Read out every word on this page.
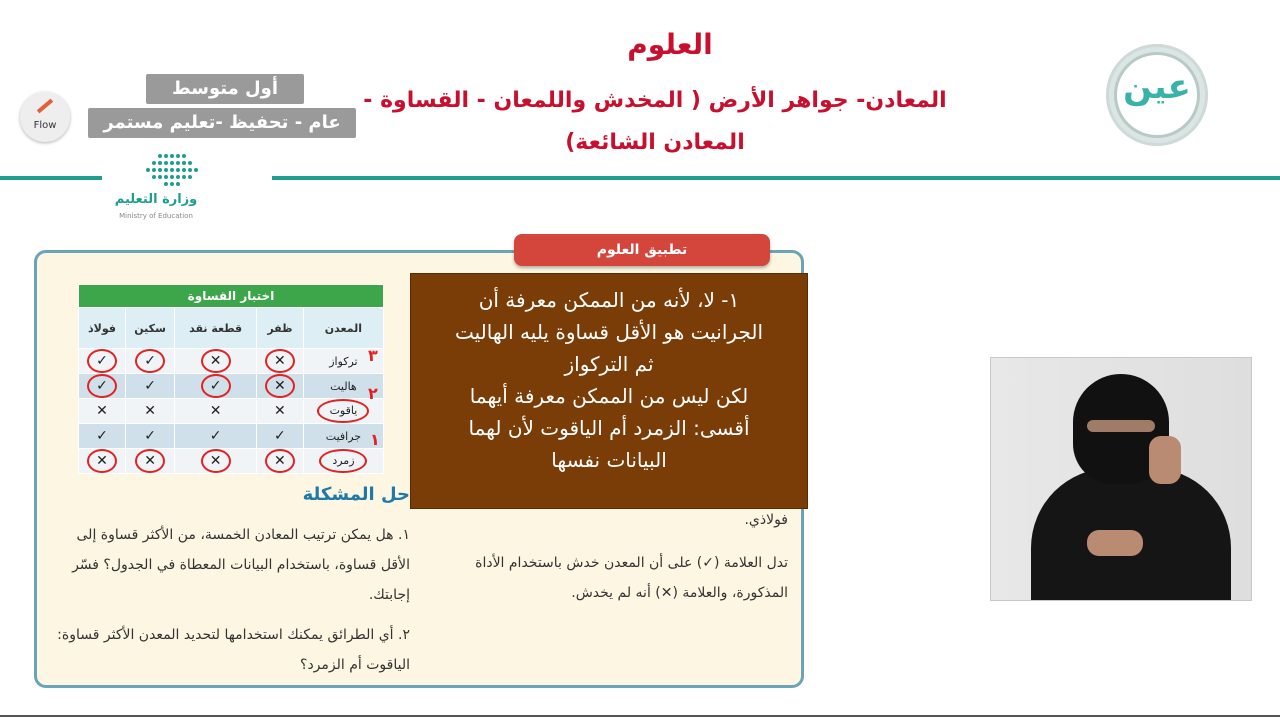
العلوم
المعادن- جواهر الأرض ( المخدش واللمعان - القساوة -
المعادن الشائعة)
أول متوسط
عام - تحفيظ -تعليم مستمر
Flow
عين
وزارة التعليم
Ministry of Education
تطبيق العلوم
اختبار القساوة				
المعدن	ظفر	قطعة نقد	سكين	فولاذ
تركواز	✕	✕	✓	✓
هاليت	✕	✓	✓	✓
ياقوت	✕	✕	✕	✕
جرافيت	✓	✓	✓	✓
زمرد	✕	✕	✕	✕
٣
٢
١
حل المشكلة
١. هل يمكن ترتيب المعادن الخمسة، من الأكثر قساوة إلى الأقل قساوة، باستخدام البيانات المعطاة في الجدول؟ فسّر إجابتك.
٢. أي الطرائق يمكنك استخدامها لتحديد المعدن الأكثر قساوة: الياقوت أم الزمرد؟
فولاذي.
تدل العلامة (✓) على أن المعدن خدش باستخدام الأداة المذكورة، والعلامة (✕) أنه لم يخدش.
١- لا، لأنه من الممكن معرفة أن
الجرانيت هو الأقل قساوة يليه الهاليت
ثم التركواز
لكن ليس من الممكن معرفة أيهما
أقسى: الزمرد أم الياقوت لأن لهما
البيانات نفسها
